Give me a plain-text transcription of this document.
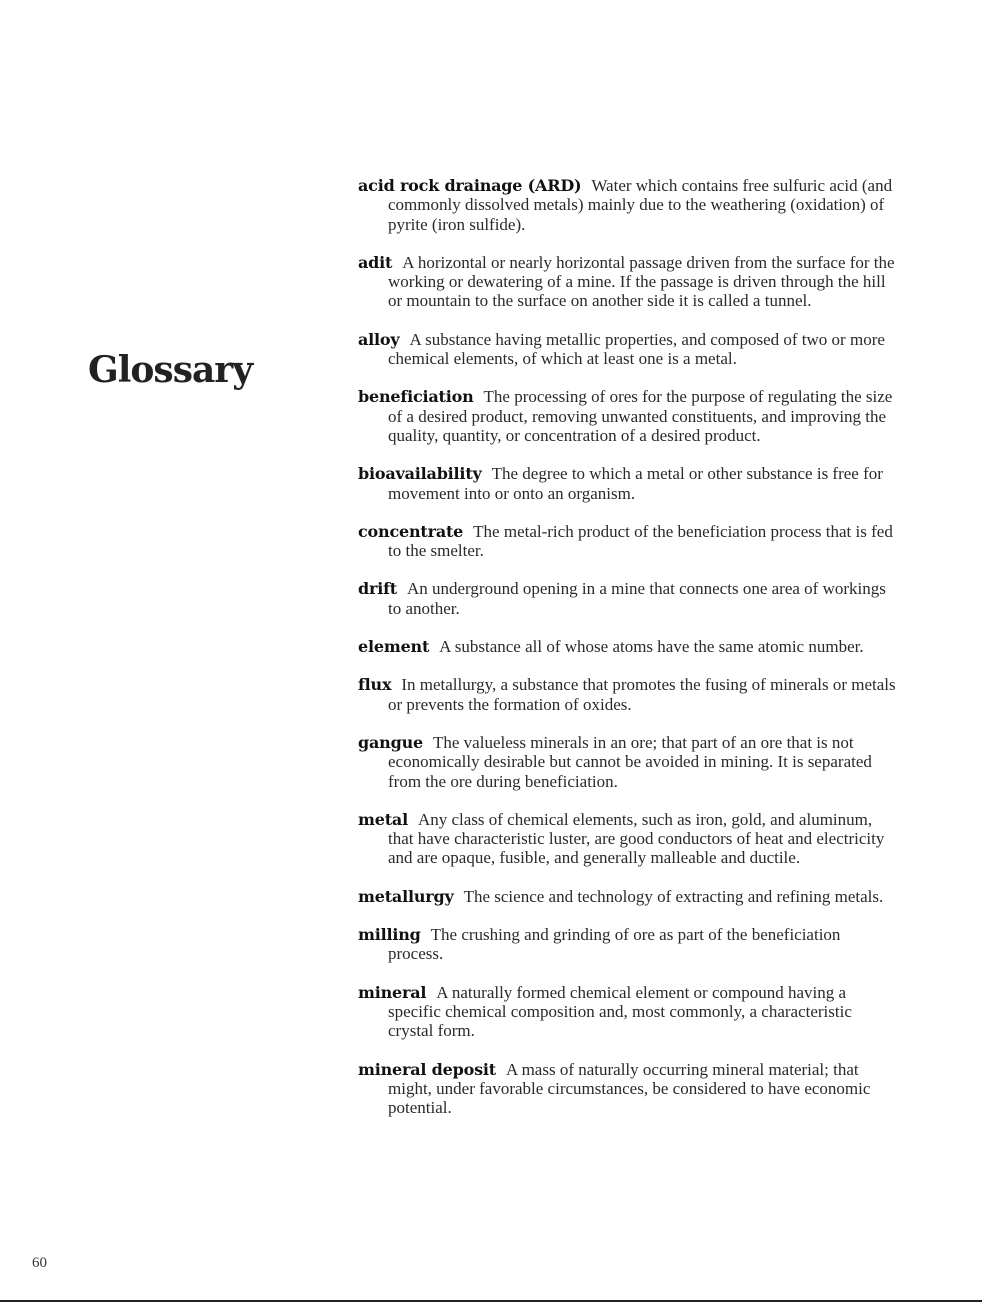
Glossary
acid rock drainage (ARD) Water which contains free sulfuric acid (and commonly dissolved metals) mainly due to the weathering (oxidation) of pyrite (iron sulfide).
adit A horizontal or nearly horizontal passage driven from the surface for the working or dewatering of a mine. If the passage is driven through the hill or mountain to the surface on another side it is called a tunnel.
alloy A substance having metallic properties, and composed of two or more chemical elements, of which at least one is a metal.
beneficiation The processing of ores for the purpose of regulating the size of a desired product, removing unwanted constituents, and improving the quality, quantity, or concentration of a desired product.
bioavailability The degree to which a metal or other substance is free for movement into or onto an organism.
concentrate The metal-rich product of the beneficiation process that is fed to the smelter.
drift An underground opening in a mine that connects one area of workings to another.
element A substance all of whose atoms have the same atomic number.
flux In metallurgy, a substance that promotes the fusing of minerals or metals or prevents the formation of oxides.
gangue The valueless minerals in an ore; that part of an ore that is not economically desirable but cannot be avoided in mining. It is separated from the ore during beneficiation.
metal Any class of chemical elements, such as iron, gold, and aluminum, that have characteristic luster, are good conductors of heat and electricity and are opaque, fusible, and generally malleable and ductile.
metallurgy The science and technology of extracting and refining metals.
milling The crushing and grinding of ore as part of the beneficiation process.
mineral A naturally formed chemical element or compound having a specific chemical composition and, most commonly, a characteristic crystal form.
mineral deposit A mass of naturally occurring mineral material; that might, under favorable circumstances, be considered to have economic potential.
60
